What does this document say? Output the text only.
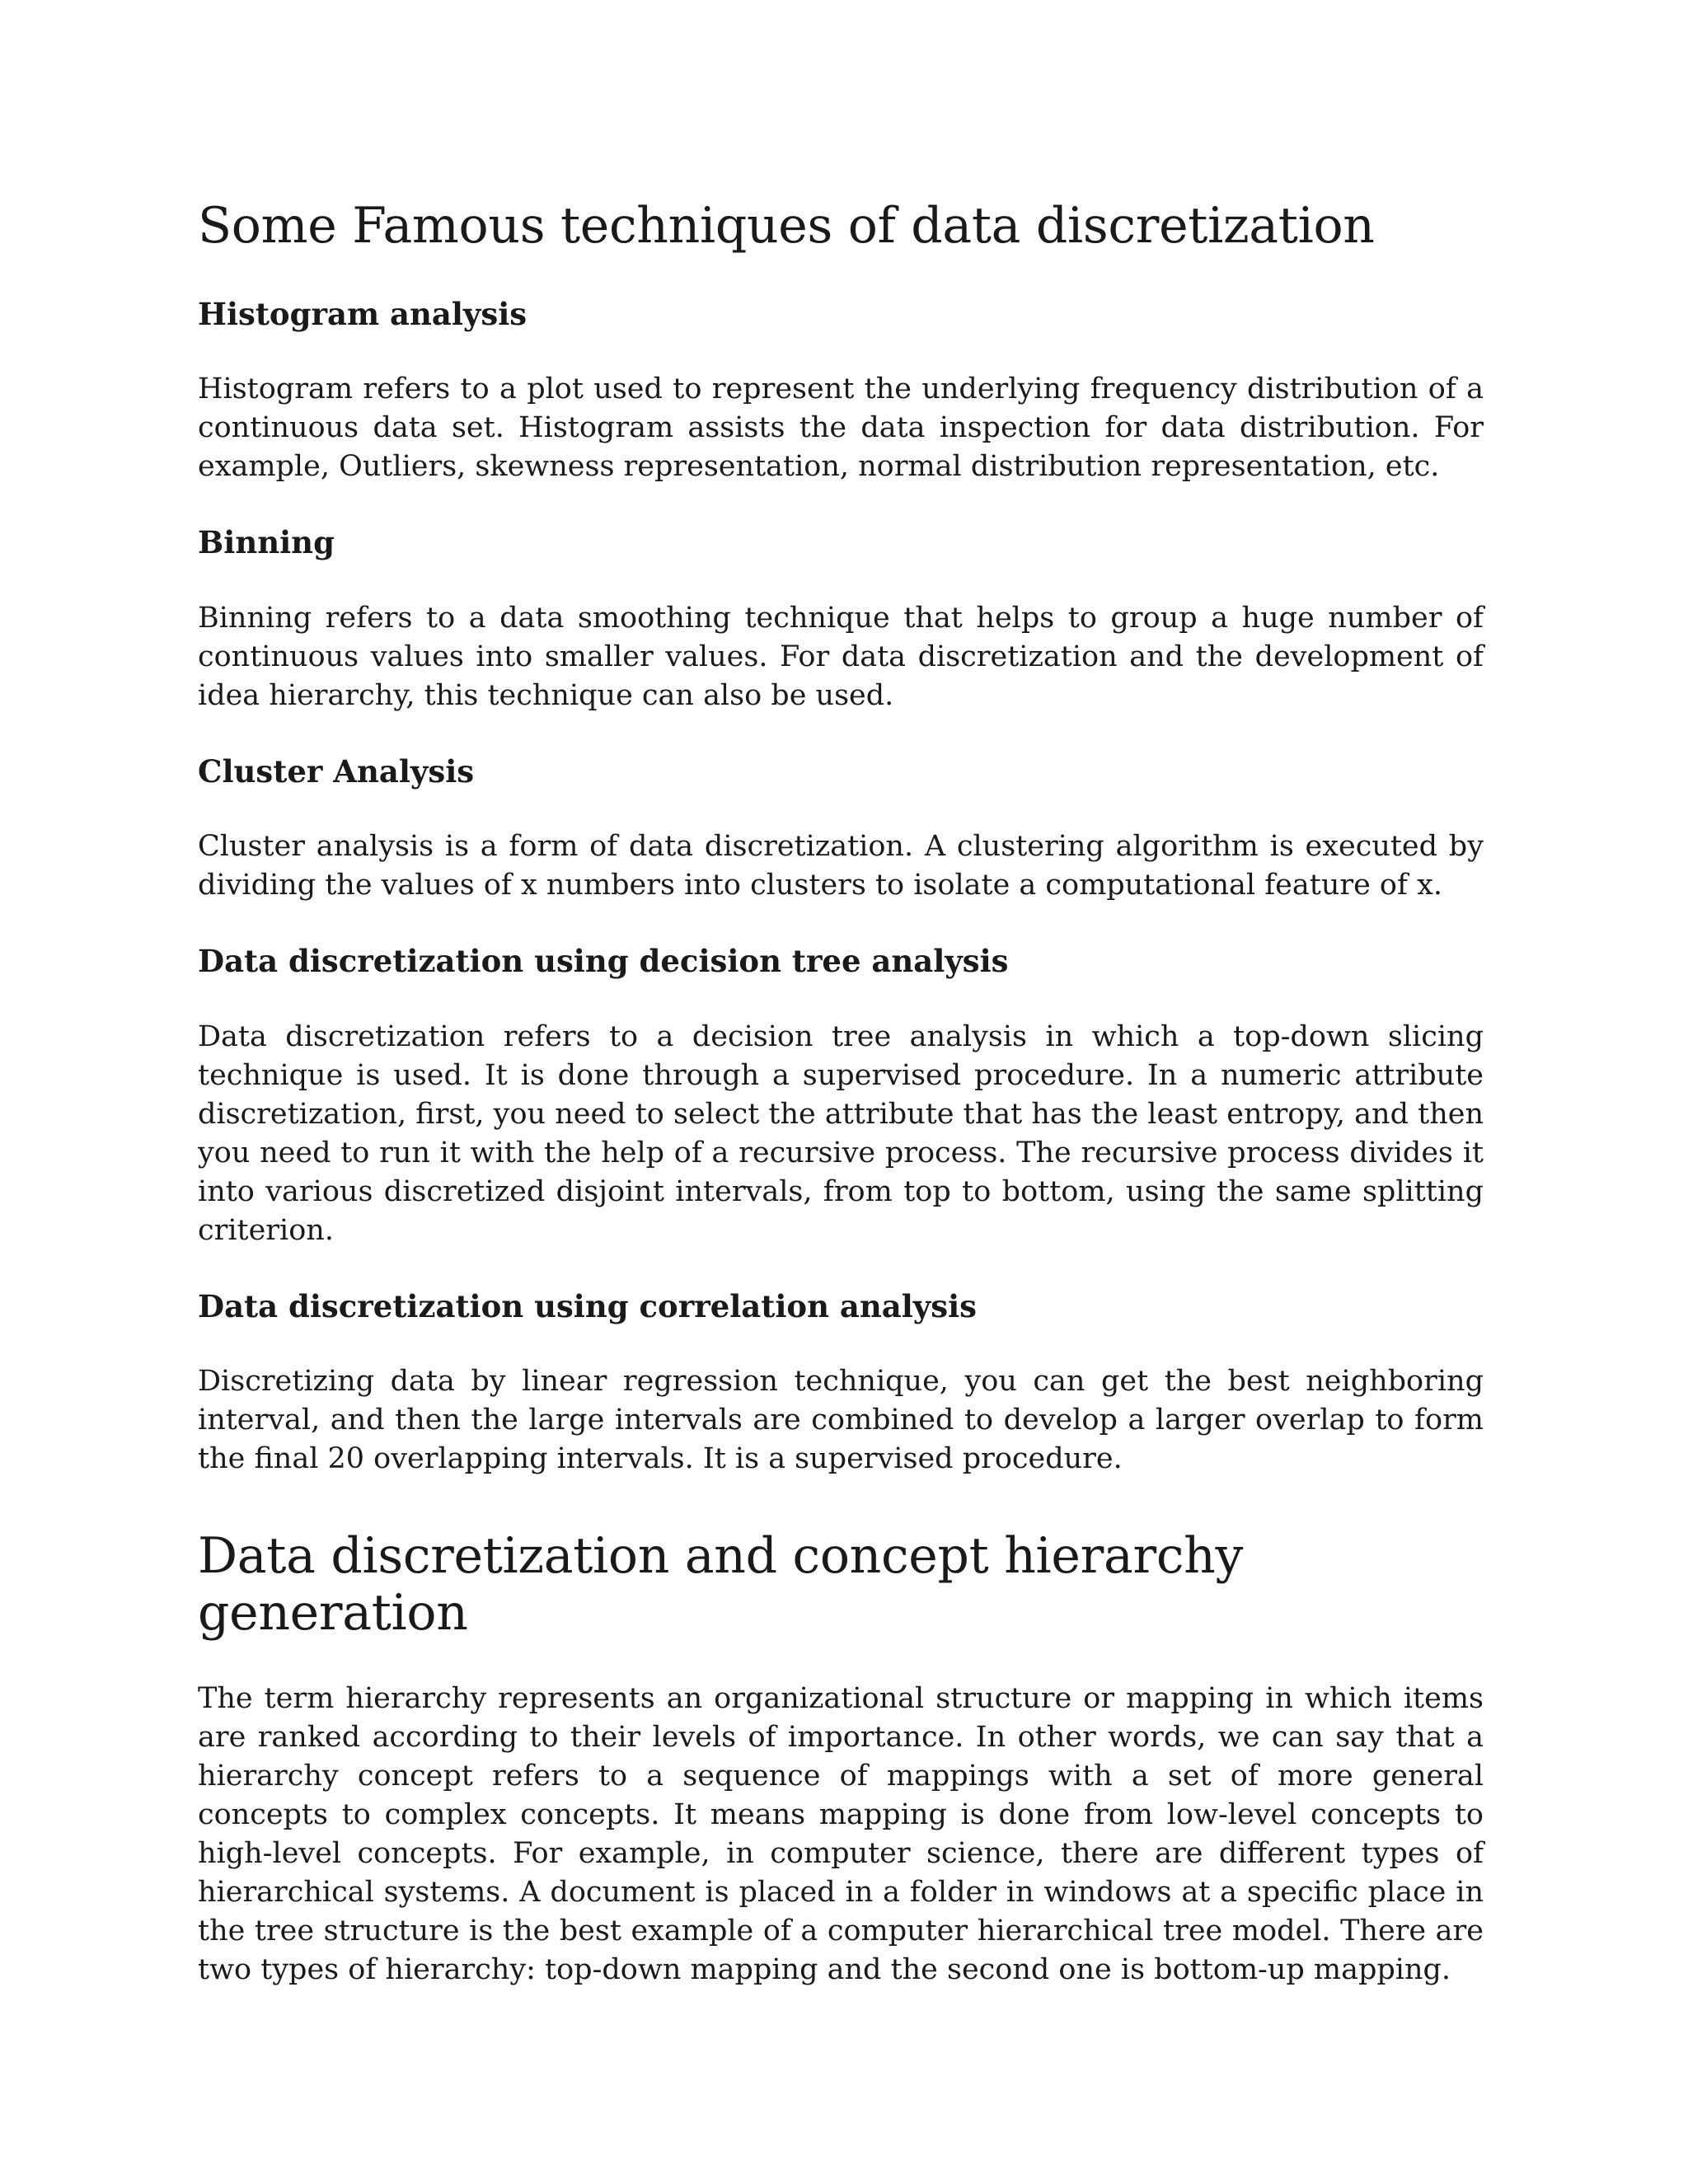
Some Famous techniques of data discretization
Histogram analysis

Histogram refers to a plot used to represent the underlying frequency distribution of a continuous data set. Histogram assists the data inspection for data distribution. For example, Outliers, skewness representation, normal distribution representation, etc.

Binning

Binning refers to a data smoothing technique that helps to group a huge number of continuous values into smaller values. For data discretization and the development of idea hierarchy, this technique can also be used.

Cluster Analysis

Cluster analysis is a form of data discretization. A clustering algorithm is executed by dividing the values of x numbers into clusters to isolate a computational feature of x.

Data discretization using decision tree analysis

Data discretization refers to a decision tree analysis in which a top-down slicing technique is used. It is done through a supervised procedure. In a numeric attribute discretization, first, you need to select the attribute that has the least entropy, and then you need to run it with the help of a recursive process. The recursive process divides it into various discretized disjoint intervals, from top to bottom, using the same splitting criterion.

Data discretization using correlation analysis

Discretizing data by linear regression technique, you can get the best neighboring interval, and then the large intervals are combined to develop a larger overlap to form the final 20 overlapping intervals. It is a supervised procedure.

Data discretization and concept hierarchy generation

The term hierarchy represents an organizational structure or mapping in which items are ranked according to their levels of importance. In other words, we can say that a hierarchy concept refers to a sequence of mappings with a set of more general concepts to complex concepts. It means mapping is done from low-level concepts to high-level concepts. For example, in computer science, there are different types of hierarchical systems. A document is placed in a folder in windows at a specific place in the tree structure is the best example of a computer hierarchical tree model. There are two types of hierarchy: top-down mapping and the second one is bottom-up mapping.
